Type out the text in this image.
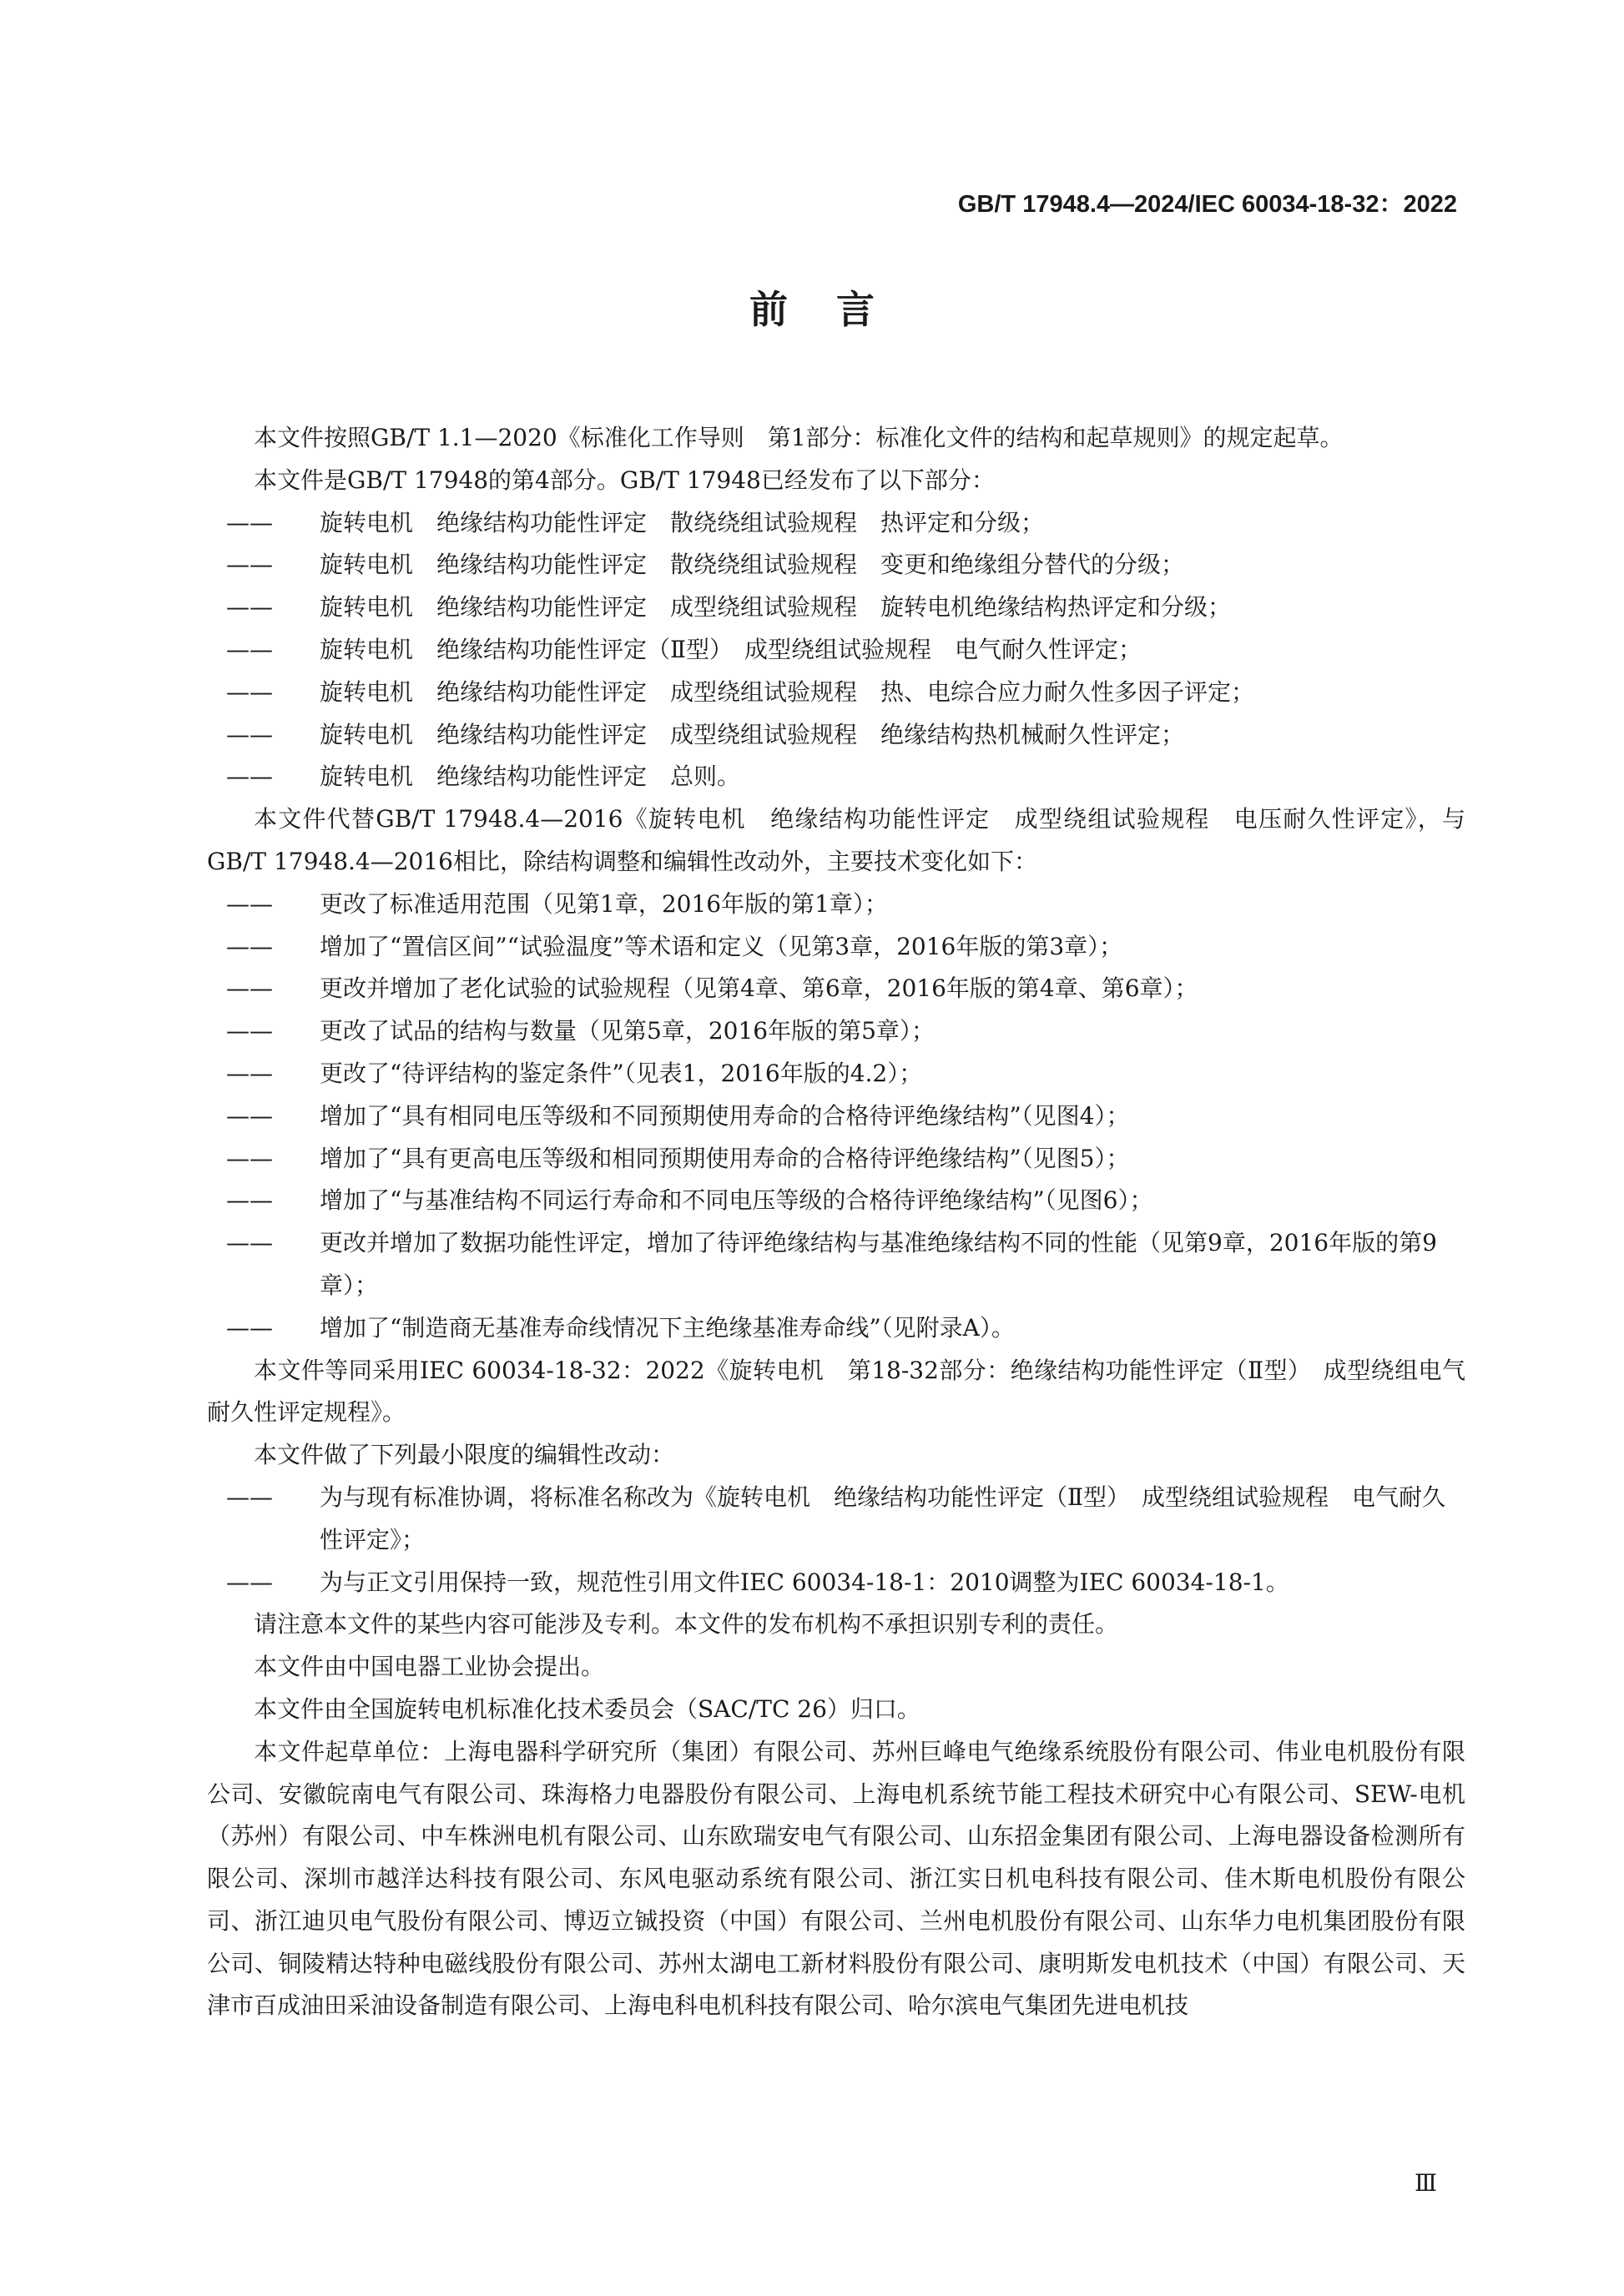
GB/T 17948.4—2024/IEC 60034-18-32：2022
前言

本文件按照GB/T 1.1—2020《标准化工作导则　第1部分：标准化文件的结构和起草规则》的规定起草。

本文件是GB/T 17948的第4部分。GB/T 17948已经发布了以下部分：

—— 旋转电机　绝缘结构功能性评定　散绕绕组试验规程　热评定和分级；

—— 旋转电机　绝缘结构功能性评定　散绕绕组试验规程　变更和绝缘组分替代的分级；

—— 旋转电机　绝缘结构功能性评定　成型绕组试验规程　旋转电机绝缘结构热评定和分级；

—— 旋转电机　绝缘结构功能性评定（Ⅱ型）　成型绕组试验规程　电气耐久性评定；

—— 旋转电机　绝缘结构功能性评定　成型绕组试验规程　热、电综合应力耐久性多因子评定；

—— 旋转电机　绝缘结构功能性评定　成型绕组试验规程　绝缘结构热机械耐久性评定；

—— 旋转电机　绝缘结构功能性评定　总则。

本文件代替GB/T 17948.4—2016《旋转电机　绝缘结构功能性评定　成型绕组试验规程　电压耐久性评定》，与GB/T 17948.4—2016相比，除结构调整和编辑性改动外，主要技术变化如下：

—— 更改了标准适用范围（见第1章，2016年版的第1章）；

—— 增加了“置信区间”“试验温度”等术语和定义（见第3章，2016年版的第3章）；

—— 更改并增加了老化试验的试验规程（见第4章、第6章，2016年版的第4章、第6章）；

—— 更改了试品的结构与数量（见第5章，2016年版的第5章）；

—— 更改了“待评结构的鉴定条件”（见表1，2016年版的4.2）；

—— 增加了“具有相同电压等级和不同预期使用寿命的合格待评绝缘结构”（见图4）；

—— 增加了“具有更高电压等级和相同预期使用寿命的合格待评绝缘结构”（见图5）；

—— 增加了“与基准结构不同运行寿命和不同电压等级的合格待评绝缘结构”（见图6）；

—— 更改并增加了数据功能性评定，增加了待评绝缘结构与基准绝缘结构不同的性能（见第9章，2016年版的第9章）；

—— 增加了“制造商无基准寿命线情况下主绝缘基准寿命线”（见附录A）。

本文件等同采用IEC 60034-18-32：2022《旋转电机　第18-32部分：绝缘结构功能性评定（Ⅱ型）　成型绕组电气耐久性评定规程》。

本文件做了下列最小限度的编辑性改动：

—— 为与现有标准协调，将标准名称改为《旋转电机　绝缘结构功能性评定（Ⅱ型）　成型绕组试验规程　电气耐久性评定》；

—— 为与正文引用保持一致，规范性引用文件IEC 60034-18-1：2010调整为IEC 60034-18-1。

请注意本文件的某些内容可能涉及专利。本文件的发布机构不承担识别专利的责任。

本文件由中国电器工业协会提出。

本文件由全国旋转电机标准化技术委员会（SAC/TC 26）归口。

本文件起草单位：上海电器科学研究所（集团）有限公司、苏州巨峰电气绝缘系统股份有限公司、伟业电机股份有限公司、安徽皖南电气有限公司、珠海格力电器股份有限公司、上海电机系统节能工程技术研究中心有限公司、SEW-电机（苏州）有限公司、中车株洲电机有限公司、山东欧瑞安电气有限公司、山东招金集团有限公司、上海电器设备检测所有限公司、深圳市越洋达科技有限公司、东风电驱动系统有限公司、浙江实日机电科技有限公司、佳木斯电机股份有限公司、浙江迪贝电气股份有限公司、博迈立铖投资（中国）有限公司、兰州电机股份有限公司、山东华力电机集团股份有限公司、铜陵精达特种电磁线股份有限公司、苏州太湖电工新材料股份有限公司、康明斯发电机技术（中国）有限公司、天津市百成油田采油设备制造有限公司、上海电科电机科技有限公司、哈尔滨电气集团先进电机技

Ⅲ
